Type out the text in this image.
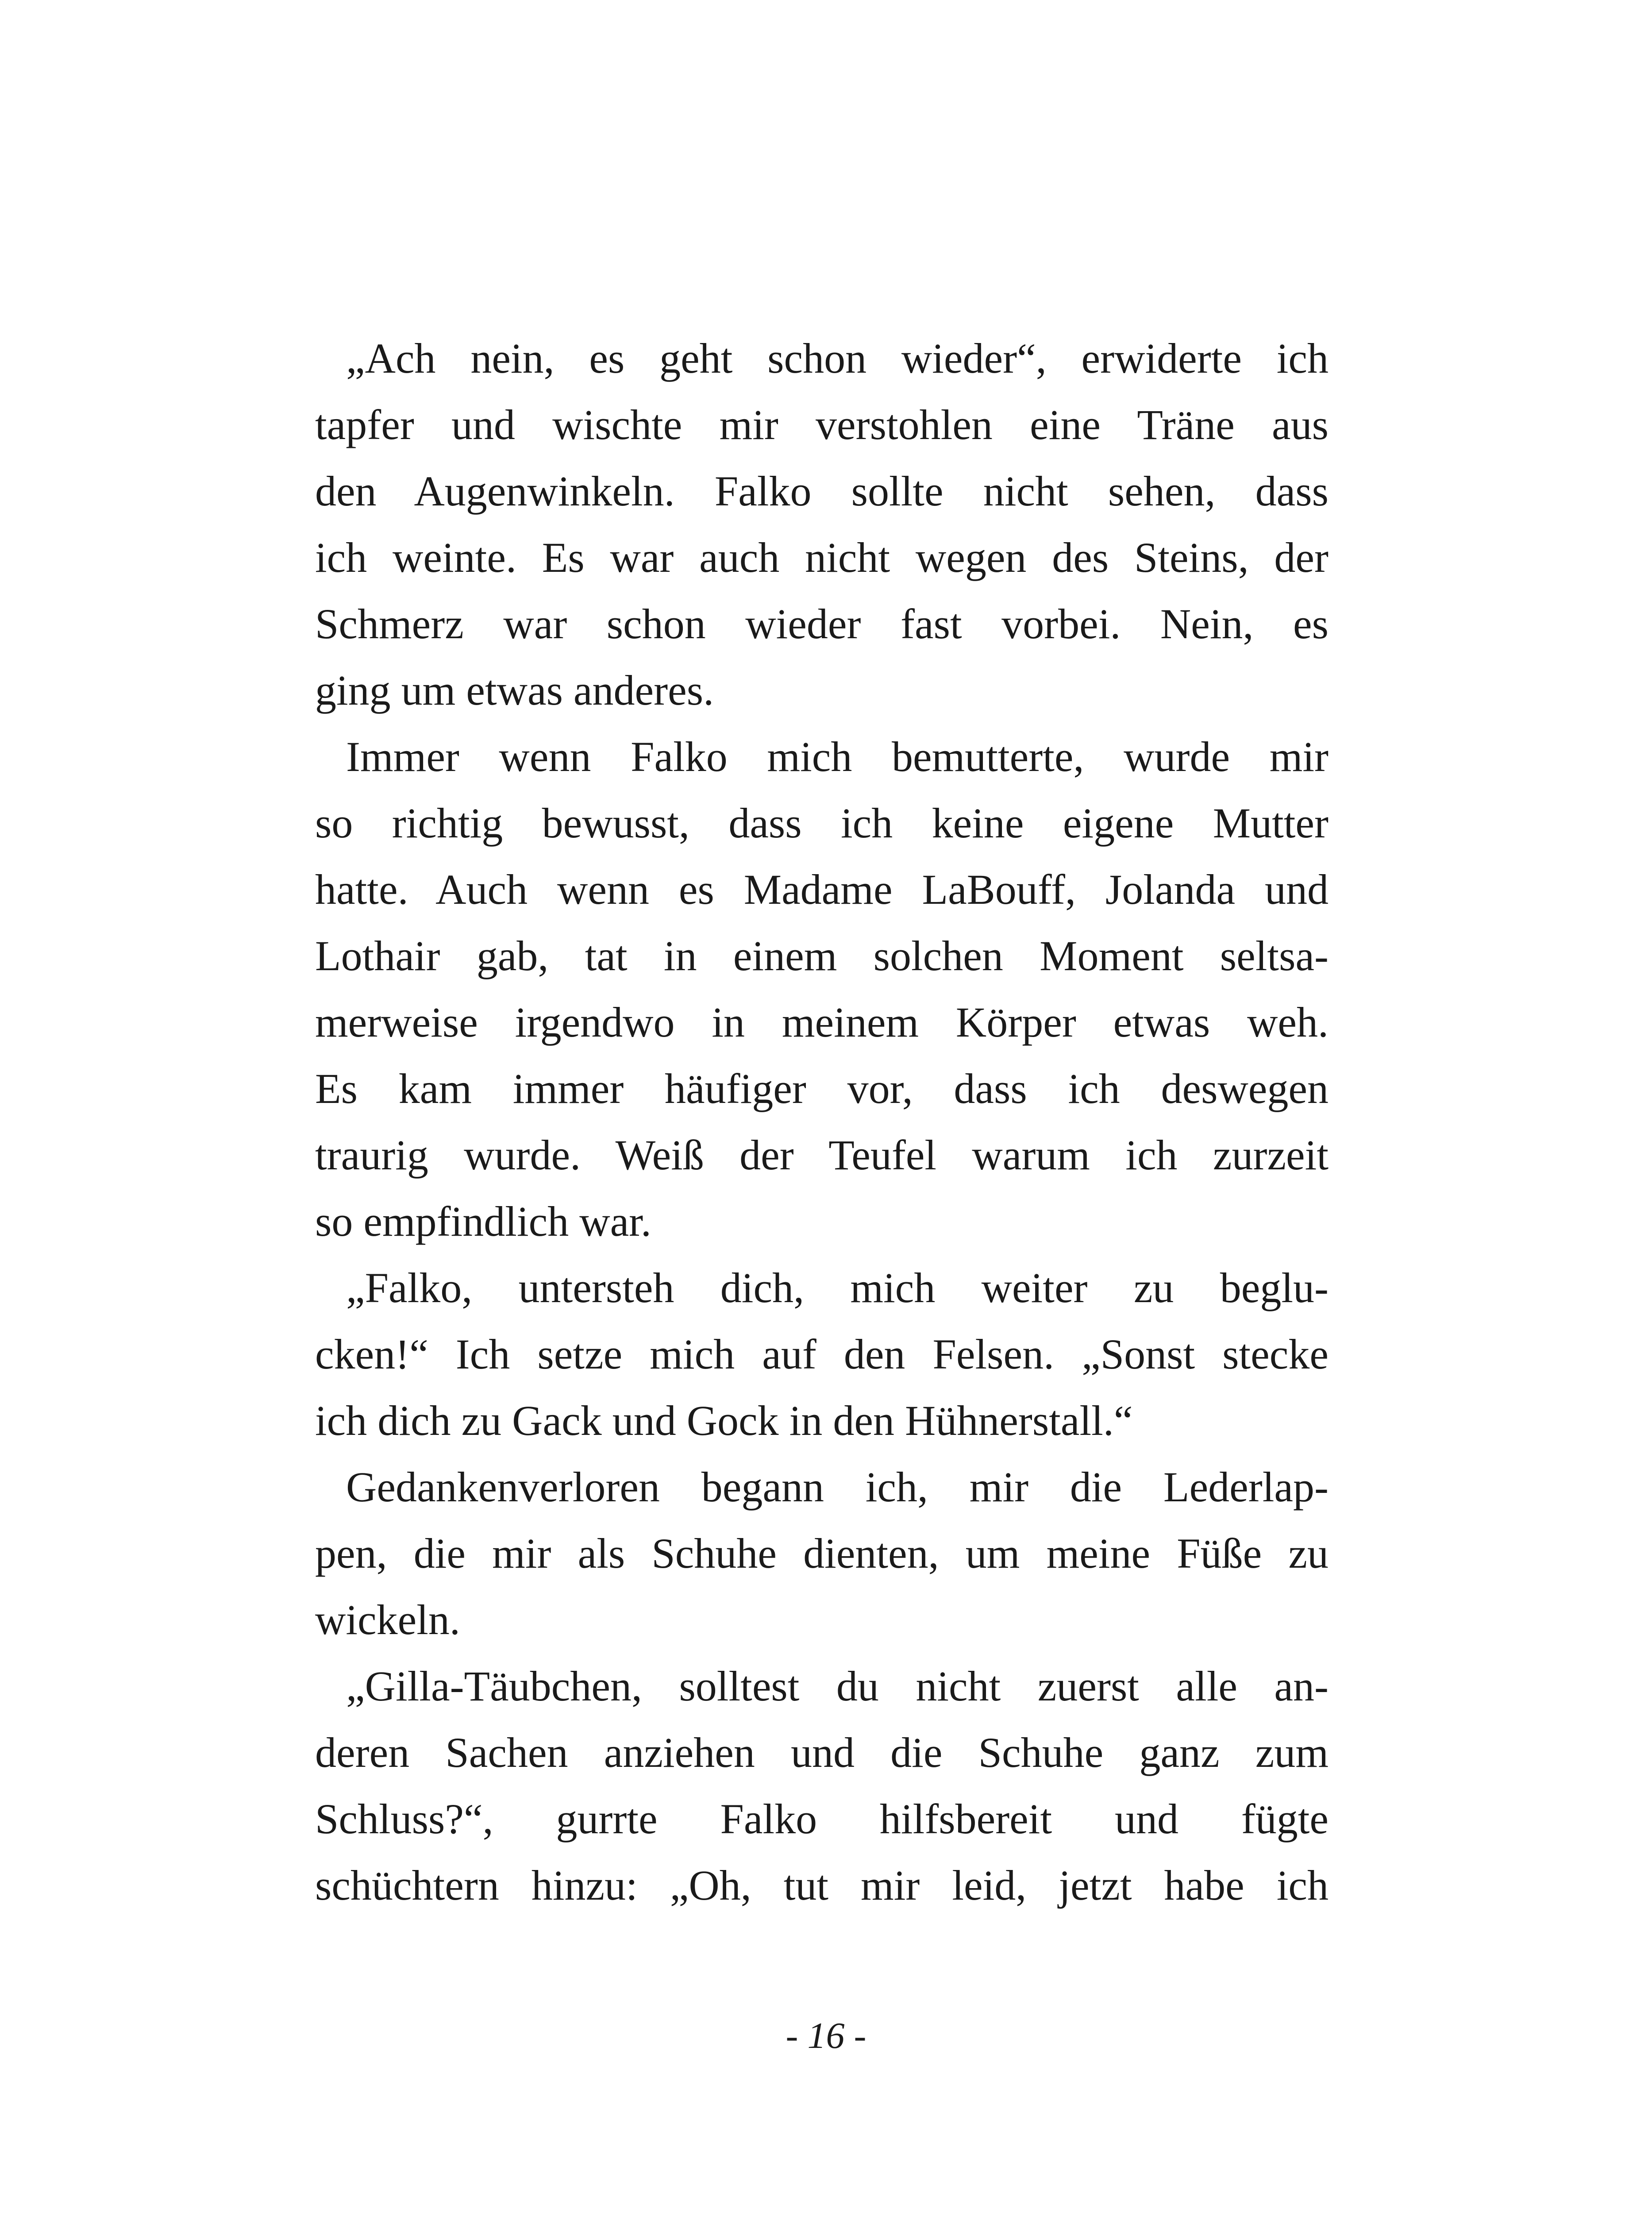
„Ach nein, es geht schon wieder“, erwiderte ich
tapfer und wischte mir verstohlen eine Träne aus
den Augenwinkeln. Falko sollte nicht sehen, dass
ich weinte. Es war auch nicht wegen des Steins, der
Schmerz war schon wieder fast vorbei. Nein, es
ging um etwas anderes.
Immer wenn Falko mich bemutterte, wurde mir
so richtig bewusst, dass ich keine eigene Mutter
hatte. Auch wenn es Madame LaBouff, Jolanda und
Lothair gab, tat in einem solchen Moment seltsa-
merweise irgendwo in meinem Körper etwas weh.
Es kam immer häufiger vor, dass ich deswegen
traurig wurde. Weiß der Teufel warum ich zurzeit
so empfindlich war.
„Falko, untersteh dich, mich weiter zu beglu-
cken!“ Ich setze mich auf den Felsen. „Sonst stecke
ich dich zu Gack und Gock in den Hühnerstall.“
Gedankenverloren begann ich, mir die Lederlap-
pen, die mir als Schuhe dienten, um meine Füße zu
wickeln.
„Gilla-Täubchen, solltest du nicht zuerst alle an-
deren Sachen anziehen und die Schuhe ganz zum
Schluss?“, gurrte Falko hilfsbereit und fügte
schüchtern hinzu: „Oh, tut mir leid, jetzt habe ich
- 16 -
